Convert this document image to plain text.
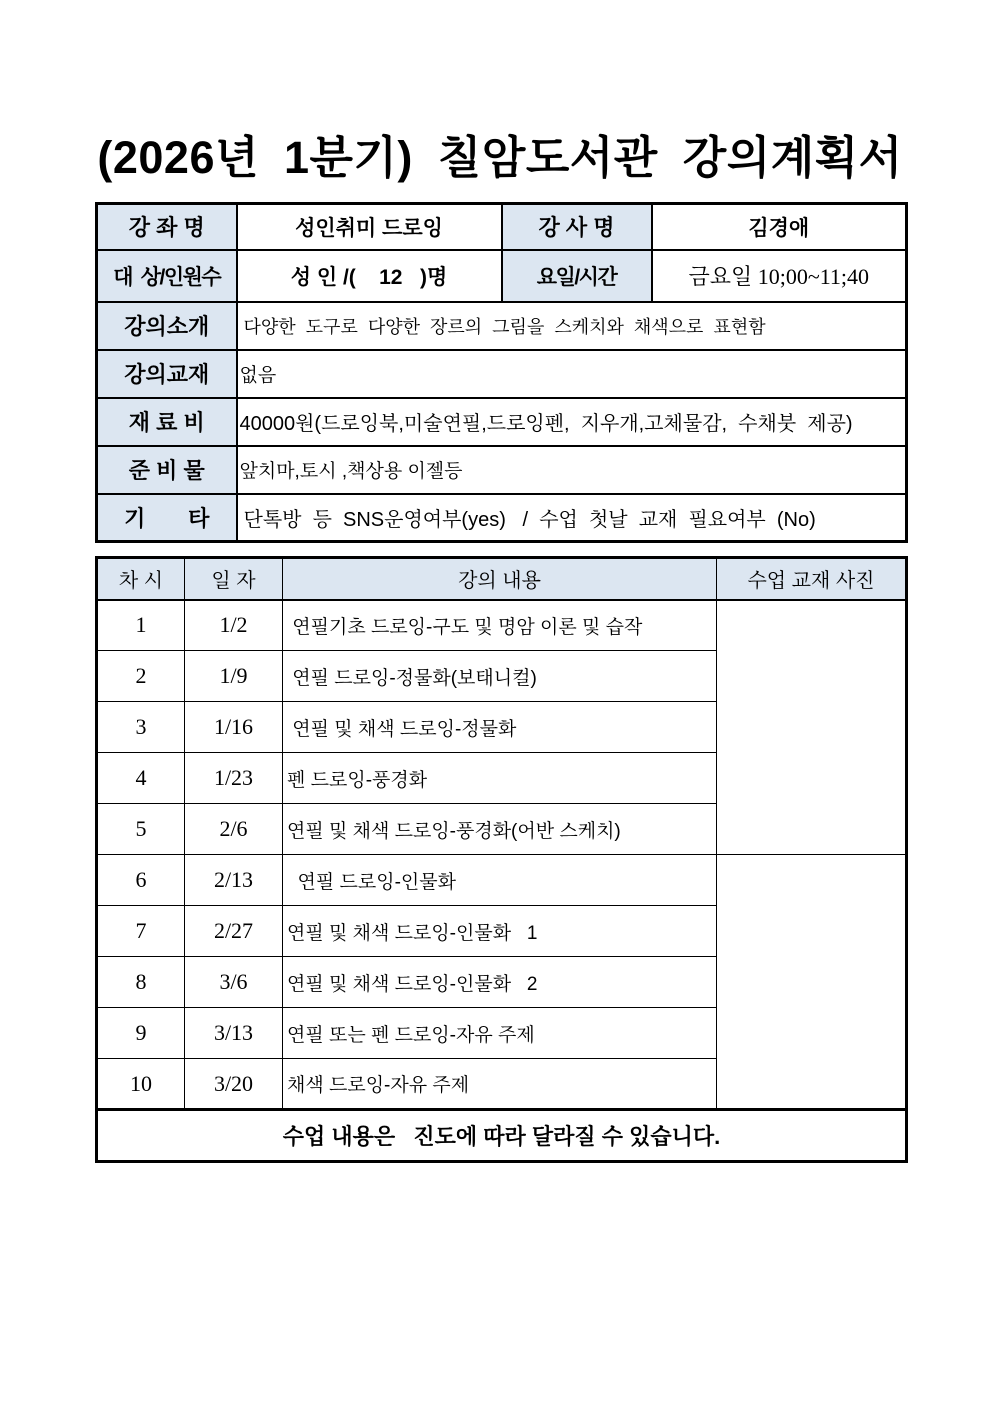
(2026년 1분기) 칠암도서관 강의계획서
강 좌 명	성인취미 드로잉	강 사 명	김경애
대  상/인원수	성 인 /(    12   )명	요일/시간	금요일 10;00~11;40
강의소개	다양한  도구로  다양한  장르의  그림을  스케치와  채색으로  표현함		
강의교재	없음		
재 료 비	40000원(드로잉북,미술연필,드로잉펜,  지우개,고체물감,  수채붓  제공)		
준 비 물	앞치마,토시 ,책상용 이젤등		
기       타	단톡방  등  SNS운영여부(yes)   /  수업  첫날  교재  필요여부  (No)		
차 시	일 자	강의 내용	수업 교재 사진
1	1/2	연필기초 드로잉-구도 및 명암 이론 및 습작	
2	1/9	연필 드로잉-정물화(보태니컬)	
3	1/16	연필 및 채색 드로잉-정물화	
4	1/23	펜 드로잉-풍경화	
5	2/6	연필 및 채색 드로잉-풍경화(어반 스케치)	
6	2/13	연필 드로잉-인물화	
7	2/27	연필 및 채색 드로잉-인물화   1	
8	3/6	연필 및 채색 드로잉-인물화   2	
9	3/13	연필 또는 펜 드로잉-자유 주제	
10	3/20	채색 드로잉-자유 주제	
수업 내용은   진도에 따라 달라질 수 있습니다.			
